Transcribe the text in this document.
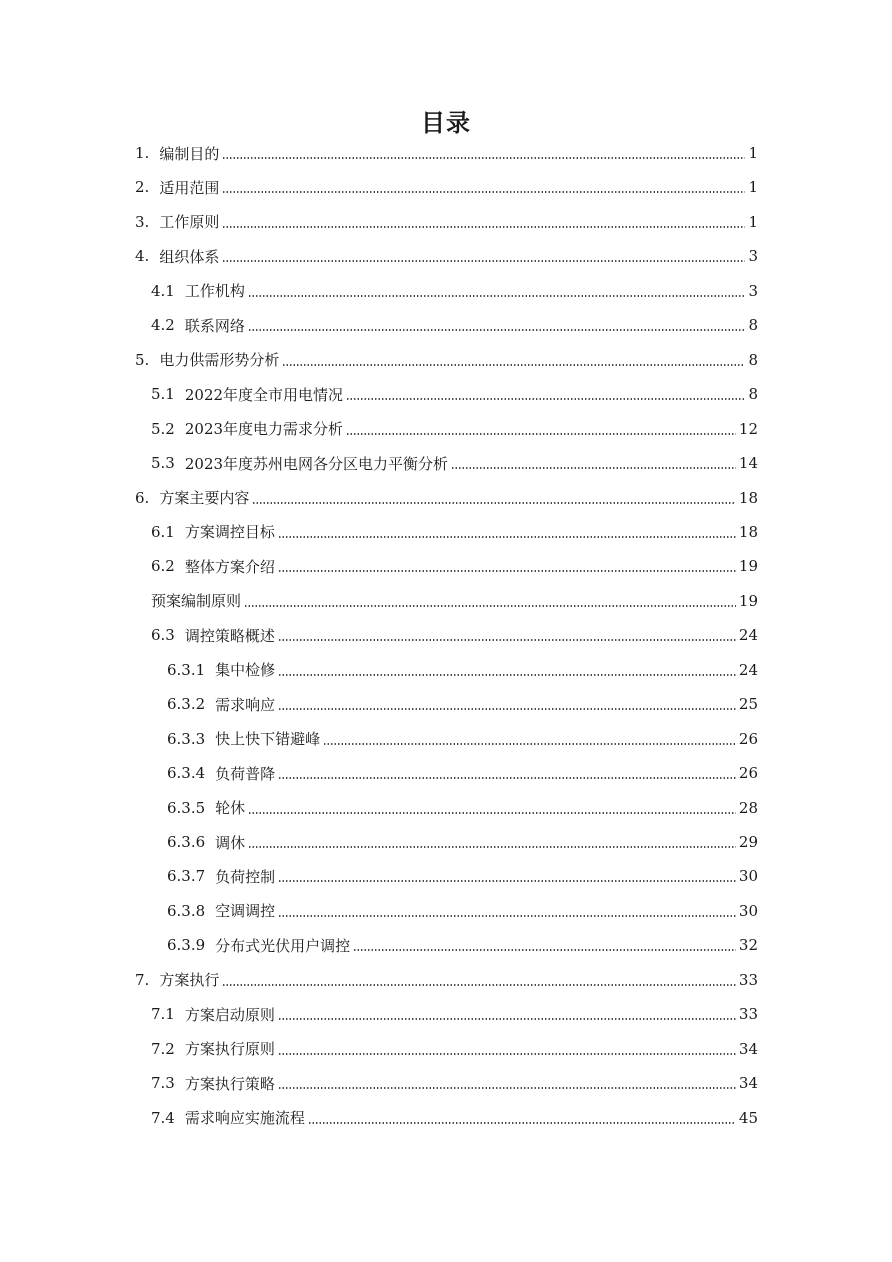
目录
1. 编制目的	1
2. 适用范围	1
3. 工作原则	1
4. 组织体系	3
4.1 工作机构	3
4.2 联系网络	8
5. 电力供需形势分析	8
5.1 2022年度全市用电情况	8
5.2 2023年度电力需求分析	12
5.3 2023年度苏州电网各分区电力平衡分析	14
6. 方案主要内容	18
6.1 方案调控目标	18
6.2 整体方案介绍	19
预案编制原则	19
6.3 调控策略概述	24
6.3.1 集中检修	24
6.3.2 需求响应	25
6.3.3 快上快下错避峰	26
6.3.4 负荷普降	26
6.3.5 轮休	28
6.3.6 调休	29
6.3.7 负荷控制	30
6.3.8 空调调控	30
6.3.9 分布式光伏用户调控	32
7. 方案执行	33
7.1 方案启动原则	33
7.2 方案执行原则	34
7.3 方案执行策略	34
7.4 需求响应实施流程	45
